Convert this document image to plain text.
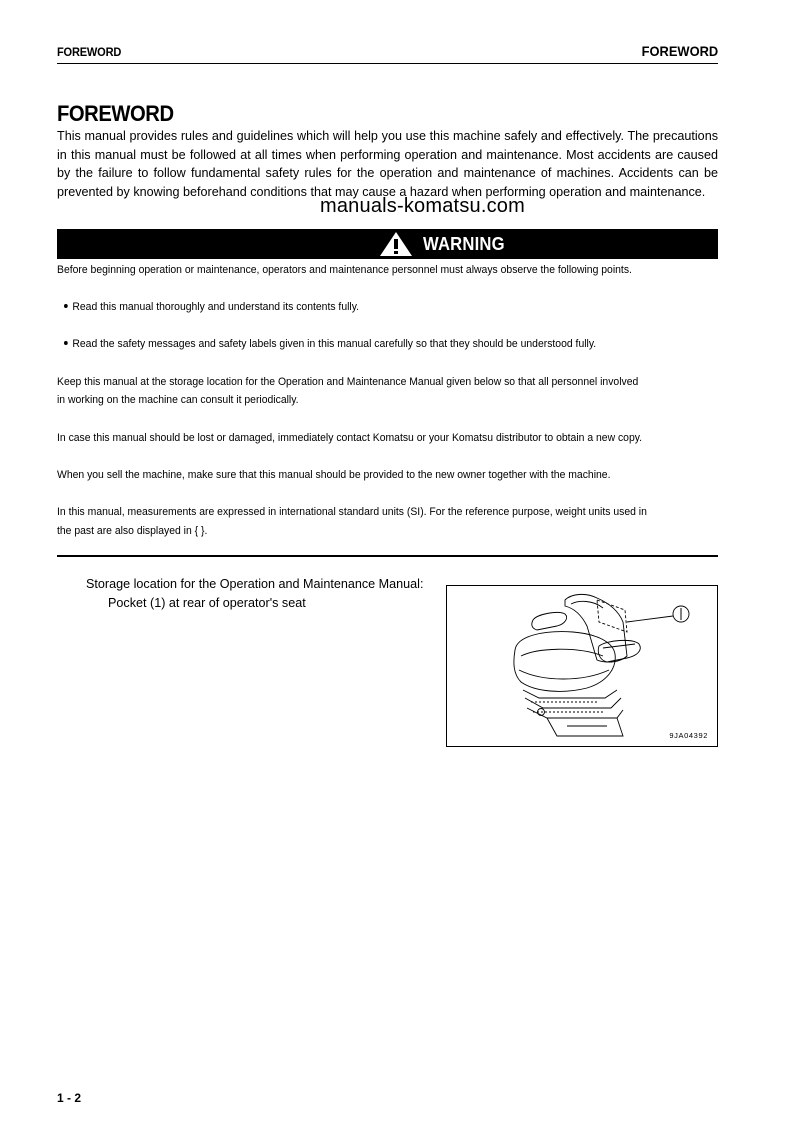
FOREWORD	FOREWORD
FOREWORD
This manual provides rules and guidelines which will help you use this machine safely and effectively. The precautions in this manual must be followed at all times when performing operation and maintenance. Most accidents are caused by the failure to follow fundamental safety rules for the operation and maintenance of machines. Accidents can be prevented by knowing beforehand conditions that may cause a hazard when performing operation and maintenance.
manuals-komatsu.com
WARNING
Before beginning operation or maintenance, operators and maintenance personnel must always observe the following points.
Read this manual thoroughly and understand its contents fully.
Read the safety messages and safety labels given in this manual carefully so that they should be understood fully.
Keep this manual at the storage location for the Operation and Maintenance Manual given below so that all personnel involved
in working on the machine can consult it periodically.
In case this manual should be lost or damaged, immediately contact Komatsu or your Komatsu distributor to obtain a new copy.
When you sell the machine, make sure that this manual should be provided to the new owner together with the machine.
In this manual, measurements are expressed in international standard units (SI). For the reference purpose, weight units used in
the past are also displayed in { }.
Storage location for the Operation and Maintenance Manual:
Pocket (1) at rear of operator's seat
9JA04392
1 - 2
